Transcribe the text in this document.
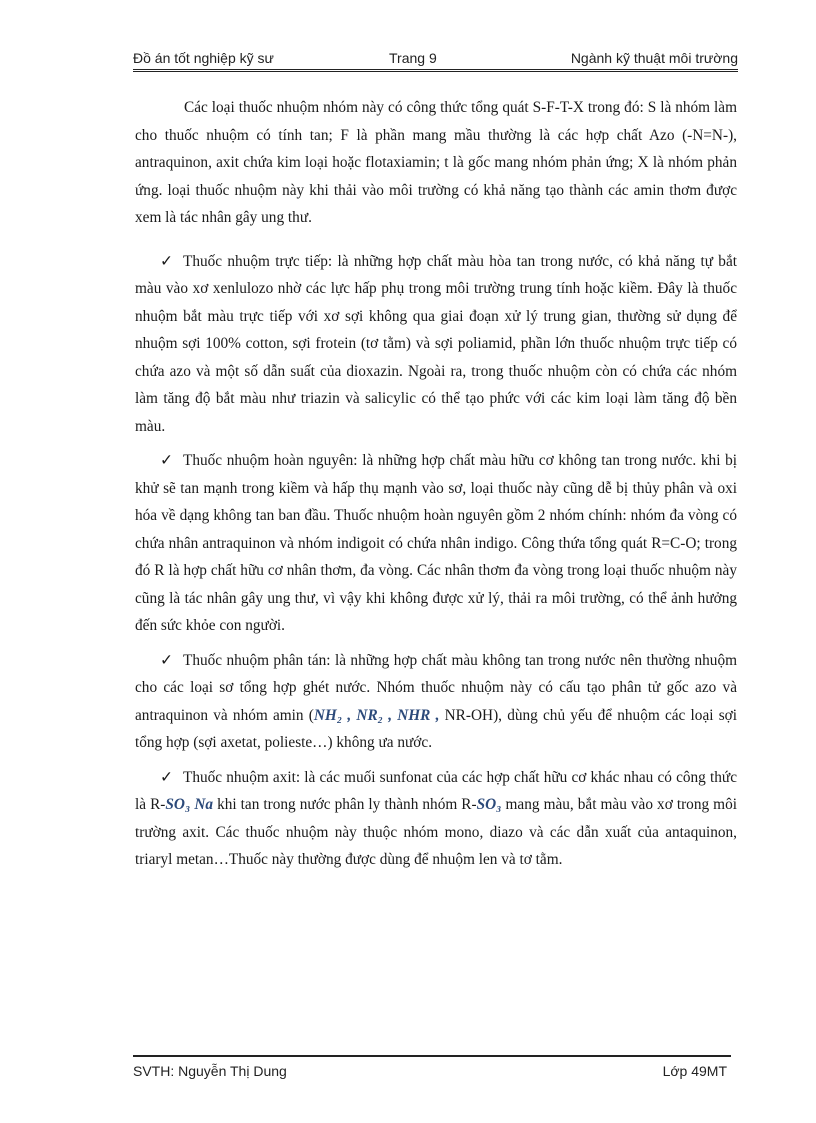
Đồ án tốt nghiệp kỹ sư	Trang 9	Ngành kỹ thuật môi trường

Các loại thuốc nhuộm nhóm này có công thức tổng quát S-F-T-X trong đó: S là nhóm làm cho thuốc nhuộm có tính tan; F là phần mang mầu thường là các hợp chất Azo (-N=N-), antraquinon, axit chứa kim loại hoặc flotaxiamin; t là gốc mang nhóm phản ứng; X là nhóm phản ứng. loại thuốc nhuộm này khi thải vào môi trường có khả năng tạo thành các amin thơm được xem là tác nhân gây ung thư.

✓ Thuốc nhuộm trực tiếp: là những hợp chất màu hòa tan trong nước, có khả năng tự bắt màu vào xơ xenlulozo nhờ các lực hấp phụ trong môi trường trung tính hoặc kiềm. Đây là thuốc nhuộm bắt màu trực tiếp với xơ sợi không qua giai đoạn xử lý trung gian, thường sử dụng để nhuộm sợi 100% cotton, sợi frotein (tơ tằm) và sợi poliamid, phần lớn thuốc nhuộm trực tiếp có chứa azo và một số dẫn suất của dioxazin. Ngoài ra, trong thuốc nhuộm còn có chứa các nhóm làm tăng độ bắt màu như triazin và salicylic có thể tạo phức với các kim loại làm tăng độ bền màu.

✓ Thuốc nhuộm hoàn nguyên: là những hợp chất màu hữu cơ không tan trong nước. khi bị khử sẽ tan mạnh trong kiềm và hấp thụ mạnh vào sơ, loại thuốc này cũng dễ bị thủy phân và oxi hóa về dạng không tan ban đầu. Thuốc nhuộm hoàn nguyên gồm 2 nhóm chính: nhóm đa vòng có chứa nhân antraquinon và nhóm indigoit có chứa nhân indigo. Công thứa tổng quát R=C-O; trong đó R là hợp chất hữu cơ nhân thơm, đa vòng. Các nhân thơm đa vòng trong loại thuốc nhuộm này cũng là tác nhân gây ung thư, vì vậy khi không được xử lý, thải ra môi trường, có thể ảnh hưởng đến sức khỏe con người.

✓ Thuốc nhuộm phân tán: là những hợp chất màu không tan trong nước nên thường nhuộm cho các loại sơ tổng hợp ghét nước. Nhóm thuốc nhuộm này có cấu tạo phân tử gốc azo và antraquinon và nhóm amin (NH₂ , NR₂ , NHR , NR-OH), dùng chủ yếu để nhuộm các loại sợi tổng hợp (sợi axetat, polieste…) không ưa nước.

✓ Thuốc nhuộm axit: là các muối sunfonat của các hợp chất hữu cơ khác nhau có công thức là R-SO₃ Na khi tan trong nước phân ly thành nhóm R-SO₃ mang màu, bắt màu vào xơ trong môi trường axit. Các thuốc nhuộm này thuộc nhóm mono, diazo và các dẫn xuất của antaquinon, triaryl metan…Thuốc này thường được dùng để nhuộm len và tơ tằm.

SVTH: Nguyễn Thị Dung	Lớp 49MT
